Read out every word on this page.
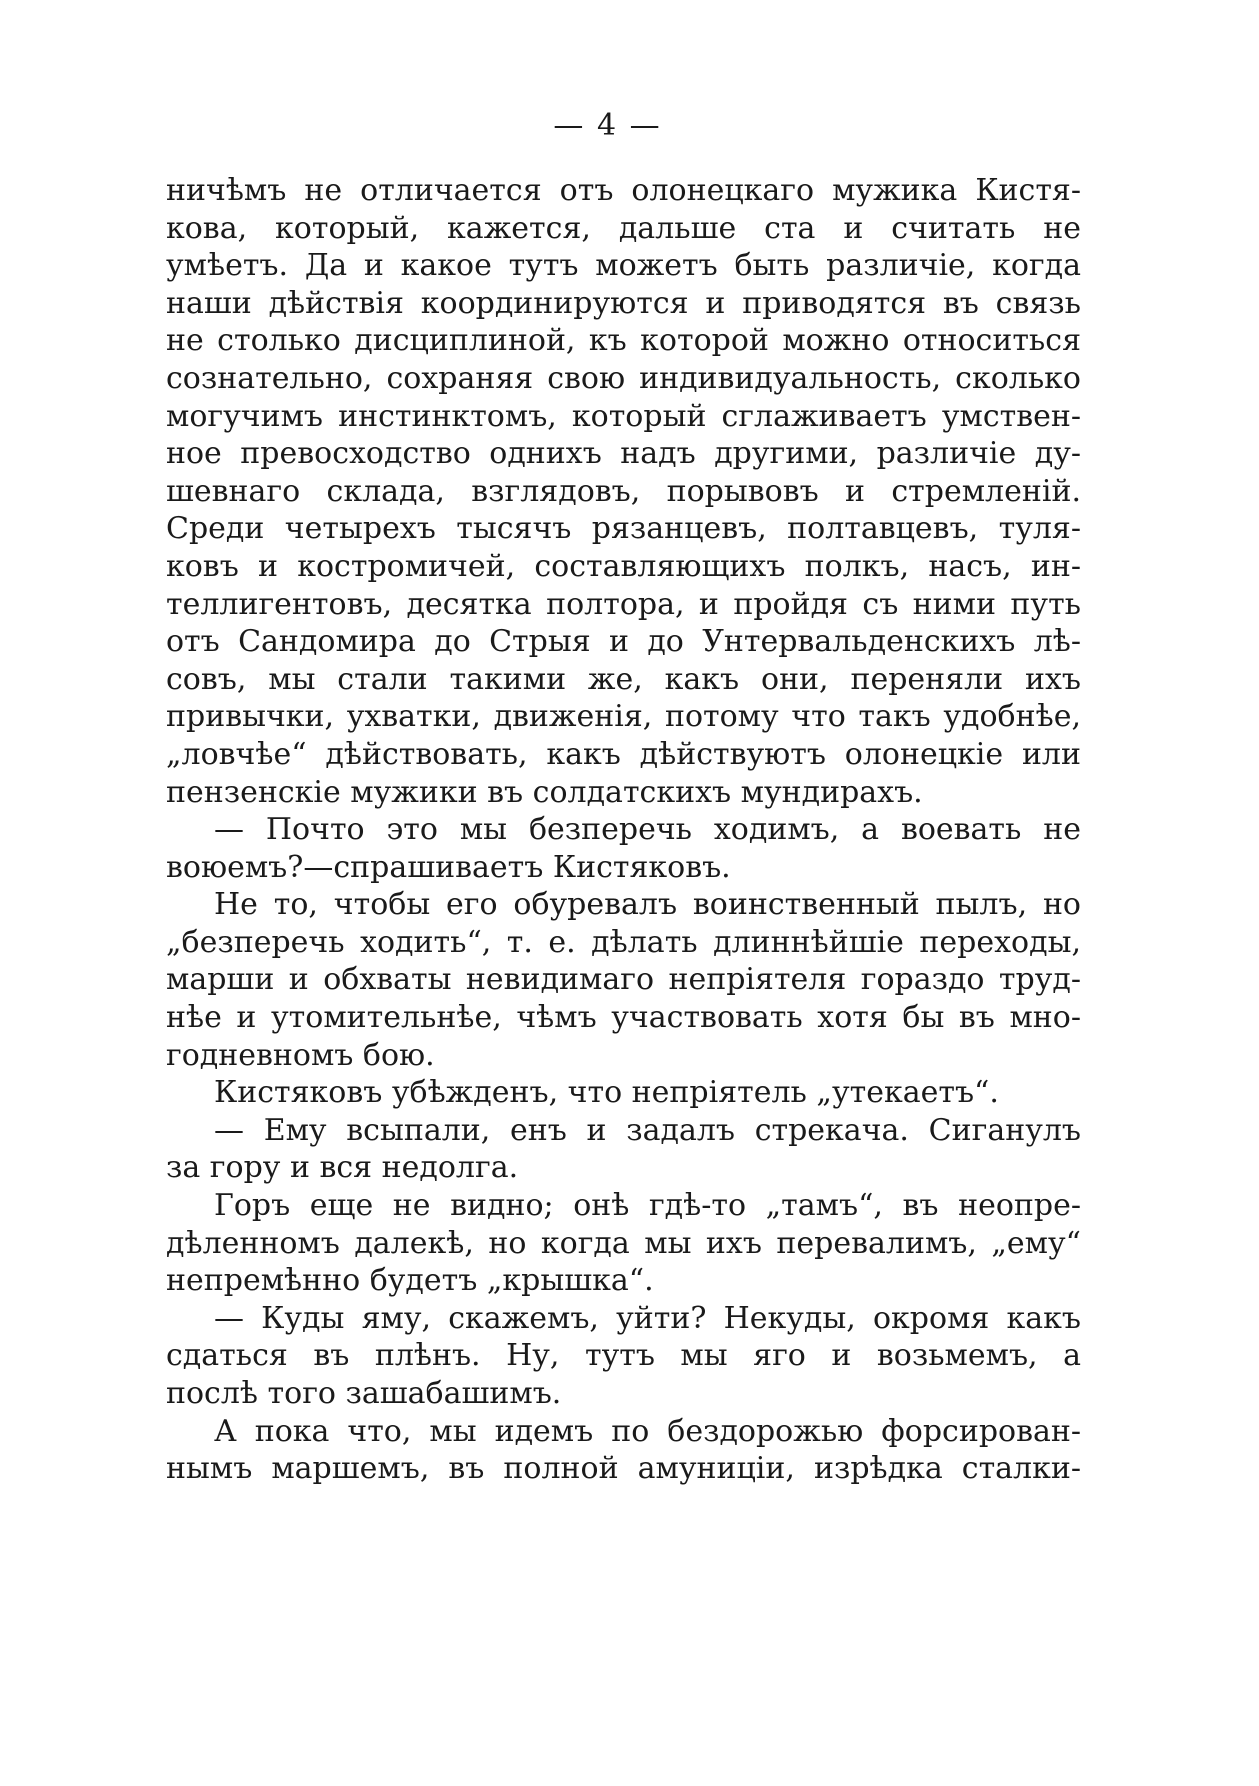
— 4 —
ничѣмъ не отличается отъ олонецкаго мужика Кистя-
кова, который, кажется, дальше ста и считать не
умѣетъ. Да и какое тутъ можетъ быть различіе, когда
наши дѣйствія координируются и приводятся въ связь
не столько дисциплиной, къ которой можно относиться
сознательно, сохраняя свою индивидуальность, сколько
могучимъ инстинктомъ, который сглаживаетъ умствен-
ное превосходство однихъ надъ другими, различіе ду-
шевнаго склада, взглядовъ, порывовъ и стремленій.
Среди четырехъ тысячъ рязанцевъ, полтавцевъ, туля-
ковъ и костромичей, составляющихъ полкъ, насъ, ин-
теллигентовъ, десятка полтора, и пройдя съ ними путь
отъ Сандомира до Стрыя и до Унтервальденскихъ лѣ-
совъ, мы стали такими же, какъ они, переняли ихъ
привычки, ухватки, движенія, потому что такъ удобнѣе,
„ловчѣе“ дѣйствовать, какъ дѣйствуютъ олонецкіе или
пензенскіе мужики въ солдатскихъ мундирахъ.
— Почто это мы безперечь ходимъ, а воевать не
воюемъ?—спрашиваетъ Кистяковъ.
Не то, чтобы его обуревалъ воинственный пылъ, но
„безперечь ходить“, т. е. дѣлать длиннѣйшіе переходы,
марши и обхваты невидимаго непріятеля гораздо труд-
нѣе и утомительнѣе, чѣмъ участвовать хотя бы въ мно-
годневномъ бою.
Кистяковъ убѣжденъ, что непріятель „утекаетъ“.
— Ему всыпали, енъ и задалъ стрекача. Сиганулъ
за гору и вся недолга.
Горъ еще не видно; онѣ гдѣ-то „тамъ“, въ неопре-
дѣленномъ далекѣ, но когда мы ихъ перевалимъ, „ему“
непремѣнно будетъ „крышка“.
— Куды яму, скажемъ, уйти? Некуды, окромя какъ
сдаться въ плѣнъ. Ну, тутъ мы яго и возьмемъ, а
послѣ того зашабашимъ.
А пока что, мы идемъ по бездорожью форсирован-
нымъ маршемъ, въ полной амуниціи, изрѣдка сталки-
